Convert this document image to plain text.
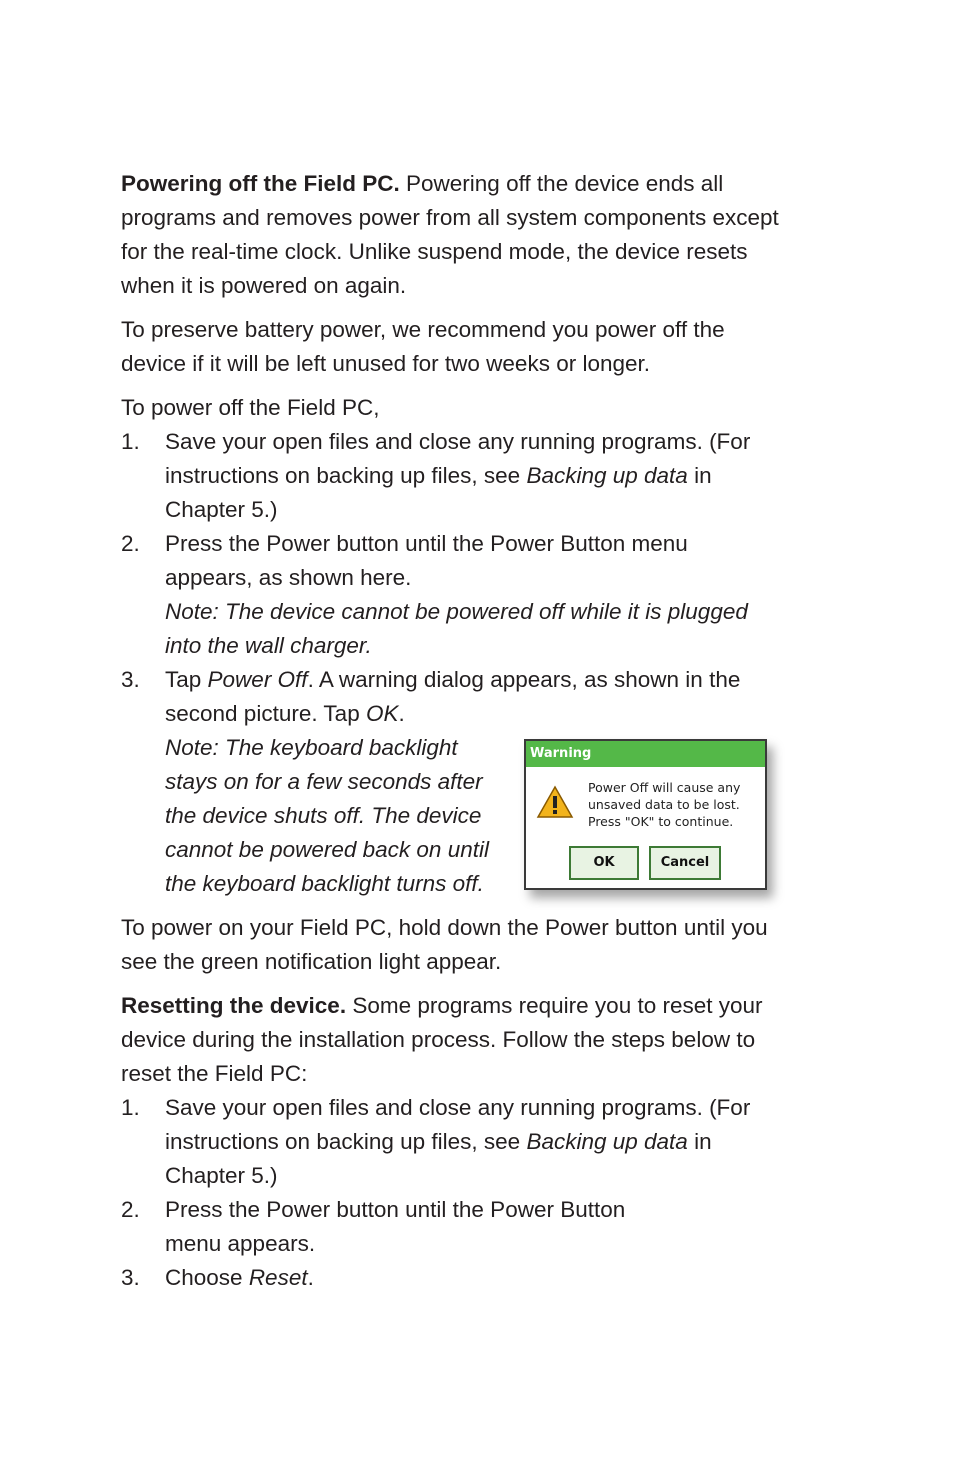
Powering off the Field PC. Powering off the device ends all programs and removes power from all system components except for the real-time clock. Unlike suspend mode, the device resets when it is powered on again.

To preserve battery power, we recommend you power off the device if it will be left unused for two weeks or longer.

To power off the Field PC,

1. Save your open files and close any running programs. (For instructions on backing up files, see Backing up data in Chapter 5.)
2. Press the Power button until the Power Button menu appears, as shown here.
Note: The device cannot be powered off while it is plugged into the wall charger.
3. Tap Power Off. A warning dialog appears, as shown in the second picture. Tap OK.
Note: The keyboard backlight stays on for a few seconds after the device shuts off. The device cannot be powered back on until the keyboard backlight turns off.

To power on your Field PC, hold down the Power button until you see the green notification light appear.

Resetting the device. Some programs require you to reset your device during the installation process. Follow the steps below to reset the Field PC:

1. Save your open files and close any running programs. (For instructions on backing up files, see Backing up data in Chapter 5.)
2. Press the Power button until the Power Button menu appears.
3. Choose Reset.
Warning
Power Off will cause any unsaved data to be lost. Press "OK" to continue.
OK	Cancel
